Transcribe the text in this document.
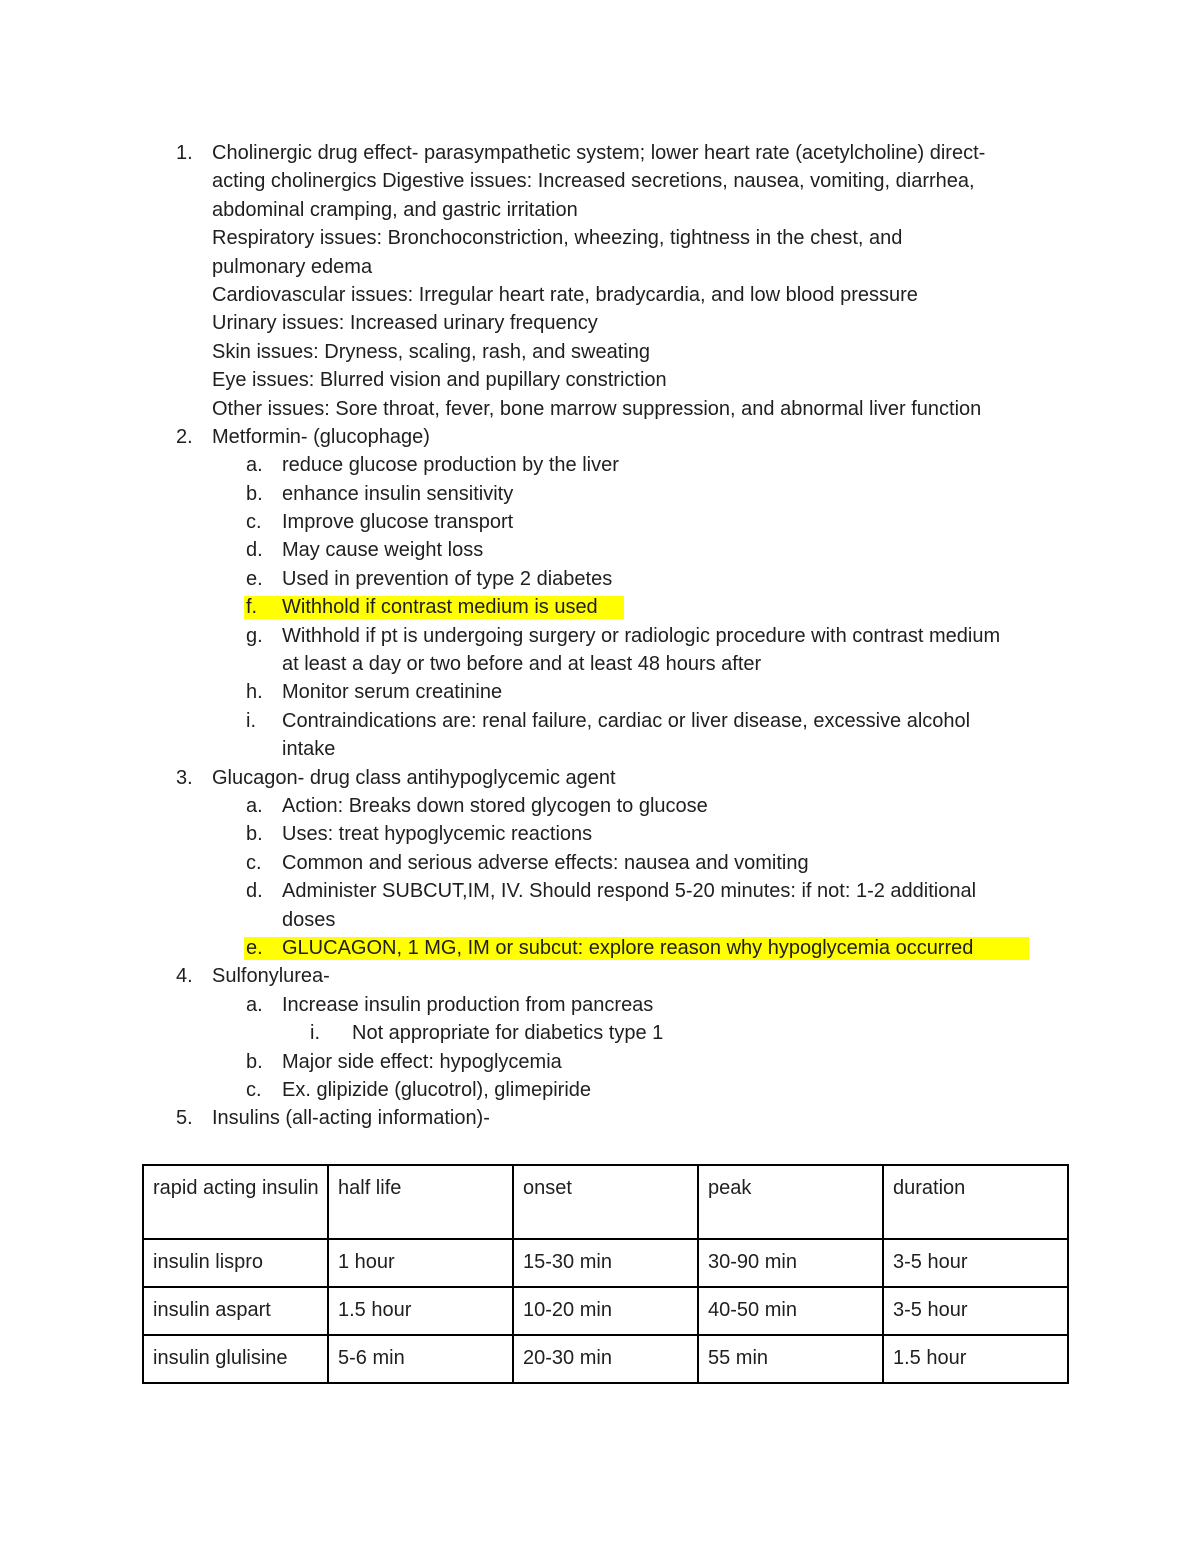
1. Cholinergic drug effect- parasympathetic system; lower heart rate (acetylcholine) direct-
acting cholinergics Digestive issues: Increased secretions, nausea, vomiting, diarrhea,
abdominal cramping, and gastric irritation
Respiratory issues: Bronchoconstriction, wheezing, tightness in the chest, and
pulmonary edema
Cardiovascular issues: Irregular heart rate, bradycardia, and low blood pressure
Urinary issues: Increased urinary frequency
Skin issues: Dryness, scaling, rash, and sweating
Eye issues: Blurred vision and pupillary constriction
Other issues: Sore throat, fever, bone marrow suppression, and abnormal liver function
2. Metformin- (glucophage)
a. reduce glucose production by the liver
b. enhance insulin sensitivity
c. Improve glucose transport
d. May cause weight loss
e. Used in prevention of type 2 diabetes
f. Withhold if contrast medium is used
g. Withhold if pt is undergoing surgery or radiologic procedure with contrast medium
at least a day or two before and at least 48 hours after
h. Monitor serum creatinine
i. Contraindications are: renal failure, cardiac or liver disease, excessive alcohol
intake
3. Glucagon- drug class antihypoglycemic agent
a. Action: Breaks down stored glycogen to glucose
b. Uses: treat hypoglycemic reactions
c. Common and serious adverse effects: nausea and vomiting
d. Administer SUBCUT,IM, IV. Should respond 5-20 minutes: if not: 1-2 additional
doses
e. GLUCAGON, 1 MG, IM or subcut: explore reason why hypoglycemia occurred
4. Sulfonylurea-
a. Increase insulin production from pancreas
i. Not appropriate for diabetics type 1
b. Major side effect: hypoglycemia
c. Ex. glipizide (glucotrol), glimepiride
5. Insulins (all-acting information)-
rapid acting insulin	half life	onset	peak	duration
insulin lispro	1 hour	15-30 min	30-90 min	3-5 hour
insulin aspart	1.5 hour	10-20 min	40-50 min	3-5 hour
insulin glulisine	5-6 min	20-30 min	55 min	1.5 hour
